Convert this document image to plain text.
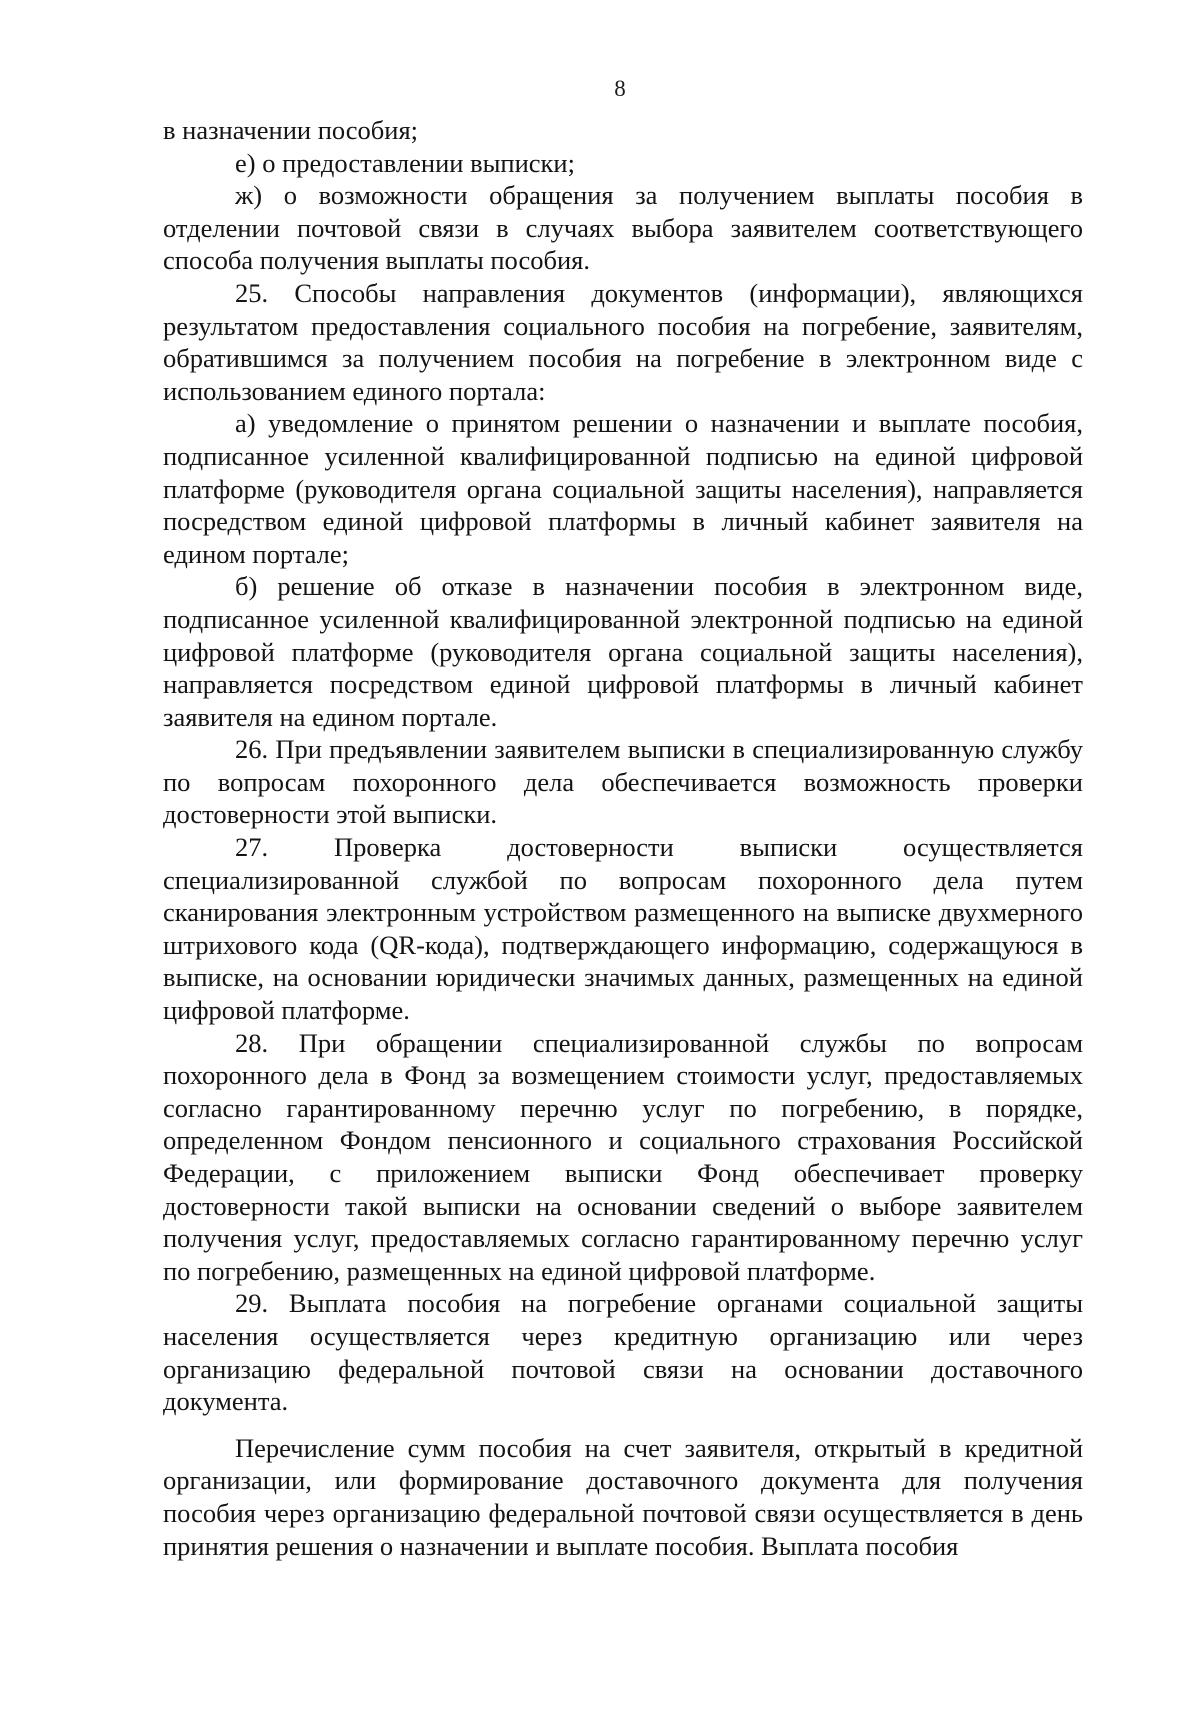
8

в назначении пособия;

е) о предоставлении выписки;

ж) о возможности обращения за получением выплаты пособия в отделении почтовой связи в случаях выбора заявителем соответствующего способа получения выплаты пособия.

25. Способы направления документов (информации), являющихся результатом предоставления социального пособия на погребение, заявителям, обратившимся за получением пособия на погребение в электронном виде с использованием единого портала:

а) уведомление о принятом решении о назначении и выплате пособия, подписанное усиленной квалифицированной подписью на единой цифровой платформе (руководителя органа социальной защиты населения), направляется посредством единой цифровой платформы в личный кабинет заявителя на едином портале;

б) решение об отказе в назначении пособия в электронном виде, подписанное усиленной квалифицированной электронной подписью на единой цифровой платформе (руководителя органа социальной защиты населения), направляется посредством единой цифровой платформы в личный кабинет заявителя на едином портале.

26. При предъявлении заявителем выписки в специализированную службу по вопросам похоронного дела обеспечивается возможность проверки достоверности этой выписки.

27. Проверка достоверности выписки осуществляется специализированной службой по вопросам похоронного дела путем сканирования электронным устройством размещенного на выписке двухмерного штрихового кода (QR-кода), подтверждающего информацию, содержащуюся в выписке, на основании юридически значимых данных, размещенных на единой цифровой платформе.

28. При обращении специализированной службы по вопросам похоронного дела в Фонд за возмещением стоимости услуг, предоставляемых согласно гарантированному перечню услуг по погребению, в порядке, определенном Фондом пенсионного и социального страхования Российской Федерации, с приложением выписки Фонд обеспечивает проверку достоверности такой выписки на основании сведений о выборе заявителем получения услуг, предоставляемых согласно гарантированному перечню услуг по погребению, размещенных на единой цифровой платформе.

29. Выплата пособия на погребение органами социальной защиты населения осуществляется через кредитную организацию или через организацию федеральной почтовой связи на основании доставочного документа.

Перечисление сумм пособия на счет заявителя, открытый в кредитной организации, или формирование доставочного документа для получения пособия через организацию федеральной почтовой связи осуществляется в день принятия решения о назначении и выплате пособия. Выплата пособия
